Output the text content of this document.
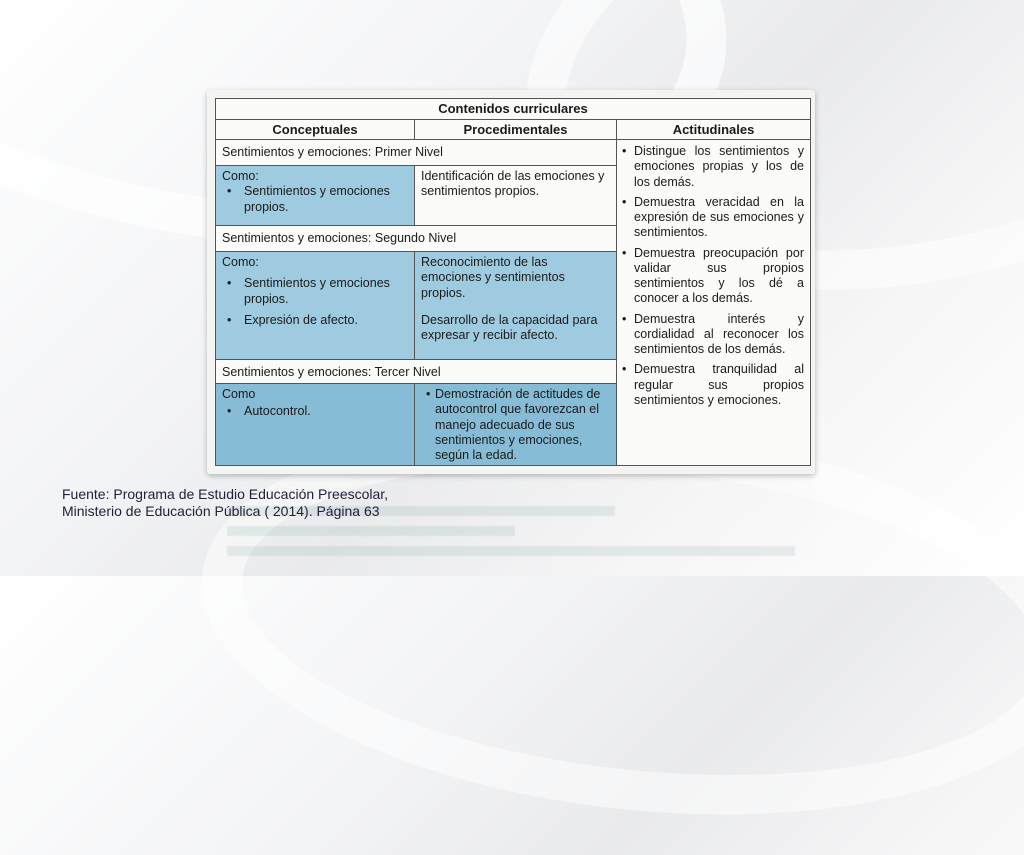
•
Contenidos curriculares
Conceptuales	Procedimentales	Actitudinales
Sentimientos y emociones: Primer Nivel
Como:
• Sentimientos y emociones propios.
Identificación de las emociones y sentimientos propios.
Sentimientos y emociones: Segundo Nivel
Como:
• Sentimientos y emociones propios.
• Expresión de afecto.
Reconocimiento de las emociones y sentimientos propios.
Desarrollo de la capacidad para expresar y recibir afecto.
Sentimientos y emociones: Tercer Nivel
Como
• Autocontrol.
• Demostración de actitudes de autocontrol que favorezcan el manejo adecuado de sus sentimientos y emociones, según la edad.

• Distingue los sentimientos y emociones propias y los de los demás.

• Demuestra veracidad en la expresión de sus emociones y sentimientos.

• Demuestra preocupación por validar sus propios sentimientos y los dé a conocer a los demás.

• Demuestra interés y cordialidad al reconocer los sentimientos de los demás.

• Demuestra tranquilidad al regular sus propios sentimientos y emociones.

Fuente: Programa de Estudio Educación Preescolar,
Ministerio de Educación Pública ( 2014). Página 63
